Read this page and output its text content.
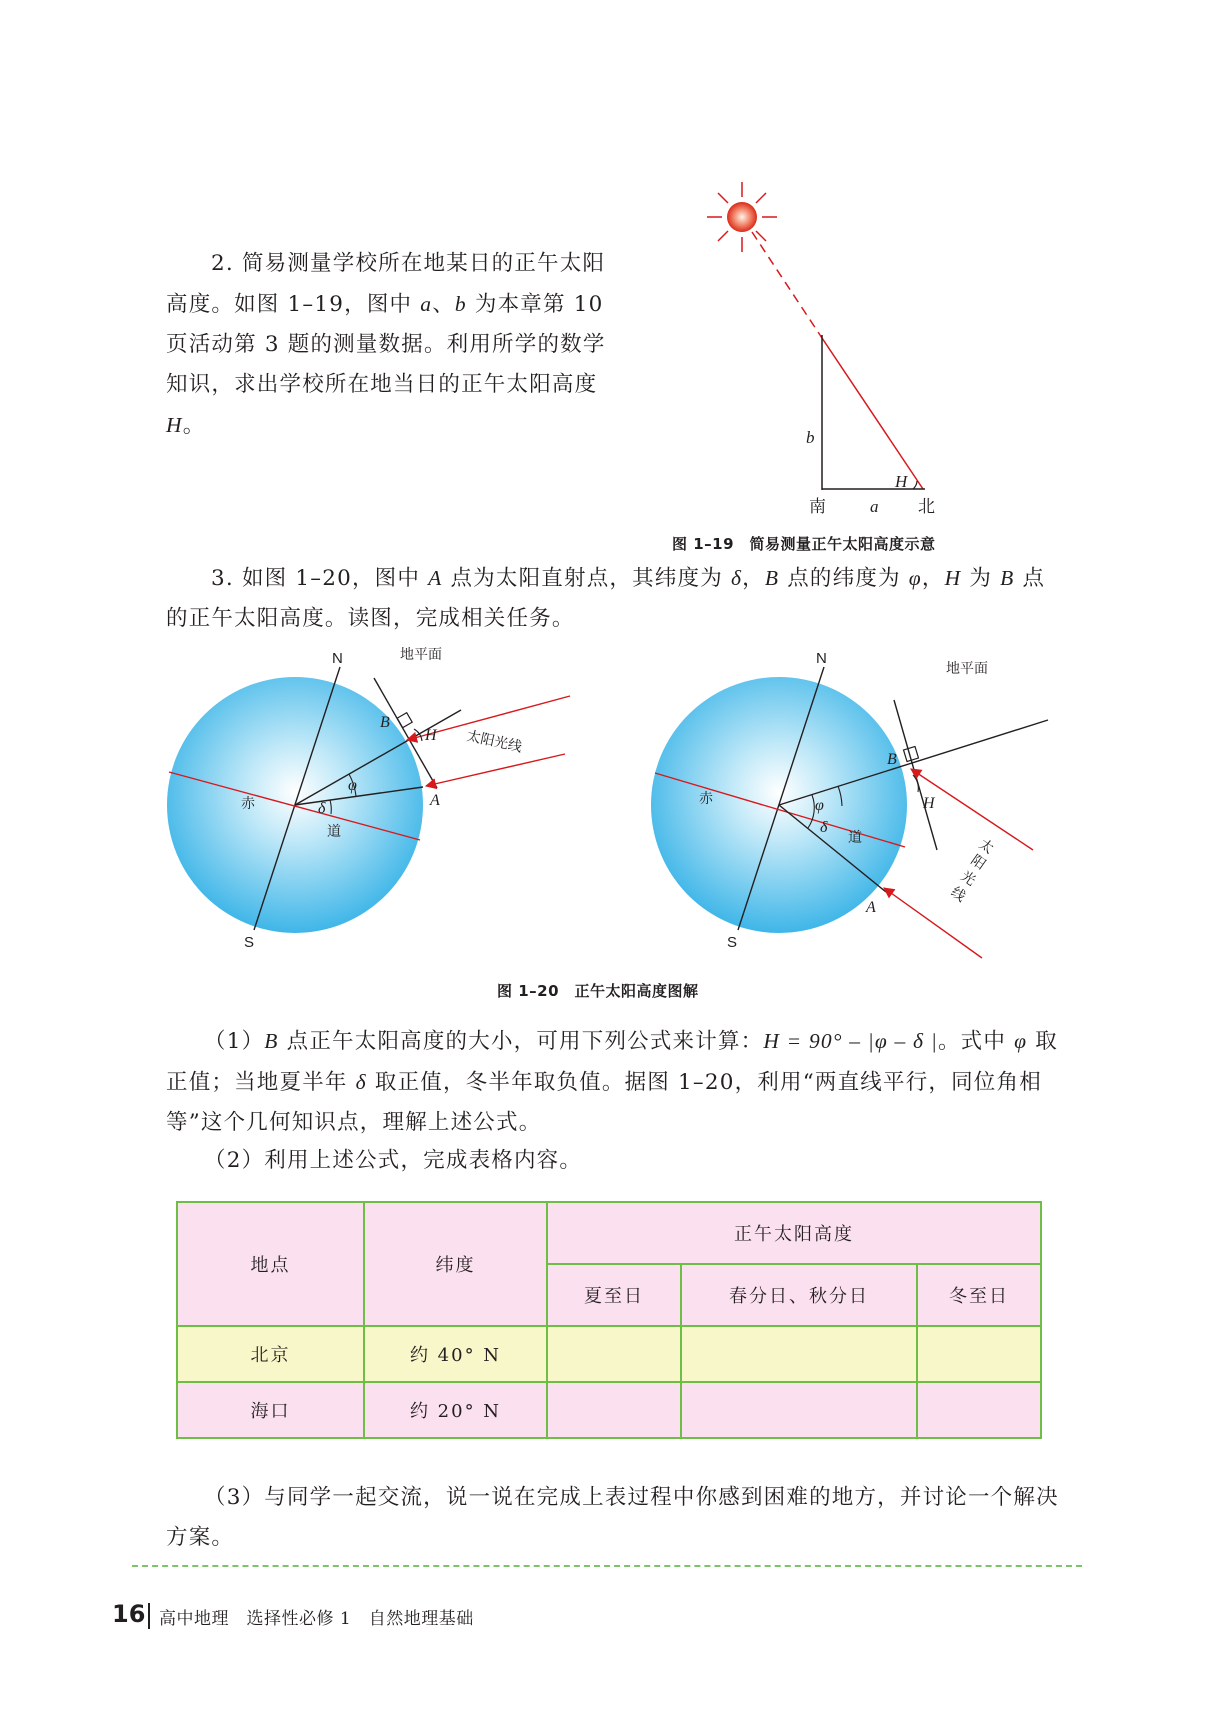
2. 简易测量学校所在地某日的正午太阳高度。如图 1–19，图中 a、b 为本章第 10 页活动第 3 题的测量数据。利用所学的数学知识，求出学校所在地当日的正午太阳高度 H。	b
H
南	a 北
图 1–19　简易测量正午太阳高度示意

3. 如图 1–20，图中 A 点为太阳直射点，其纬度为 δ，B 点的纬度为 φ，H 为 B 点的正午太阳高度。读图，完成相关任务。

N
S
地平面
太阳光线
赤
道
A
B
H
φ
δ
N
S
地平面
太
阳
光
线
赤
道
A
B
H
φ
δ
图 1–20　正午太阳高度图解

（1）B 点正午太阳高度的大小，可用下列公式来计算：H = 90° – |φ – δ |。式中 φ 取正值；当地夏半年 δ 取正值，冬半年取负值。据图 1–20，利用“两直线平行，同位角相等”这个几何知识点，理解上述公式。

（2）利用上述公式，完成表格内容。

地点	纬度	正午太阳高度		
		夏至日	春分日、秋分日	冬至日
北京	约 40° N			
海口	约 20° N			

（3）与同学一起交流，说一说在完成上表过程中你感到困难的地方，并讨论一个解决方案。

16 高中地理　选择性必修 1　自然地理基础
